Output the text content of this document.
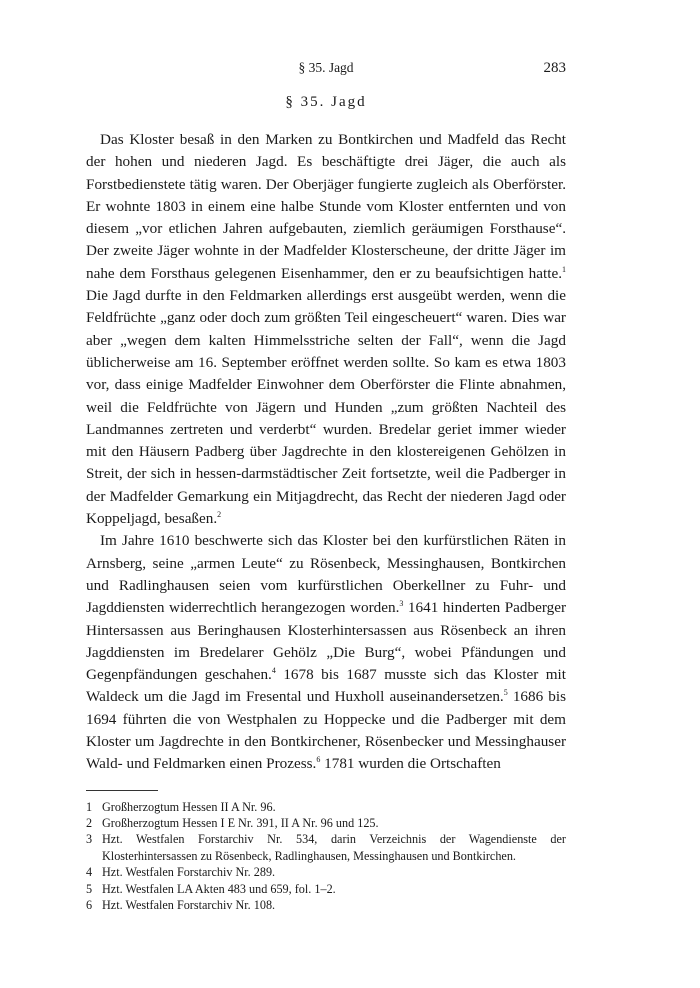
§ 35. Jagd	283
§ 35. Jagd

Das Kloster besaß in den Marken zu Bontkirchen und Madfeld das Recht der hohen und niederen Jagd. Es beschäftigte drei Jäger, die auch als Forstbedienstete tätig waren. Der Oberjäger fungierte zugleich als Oberförster. Er wohnte 1803 in einem eine halbe Stunde vom Kloster entfernten und von diesem „vor etlichen Jahren aufgebauten, ziemlich geräumigen Forsthause“. Der zweite Jäger wohnte in der Madfelder Klosterscheune, der dritte Jäger im nahe dem Forsthaus gelegenen Eisenhammer, den er zu beaufsichtigen hatte.$^1$ Die Jagd durfte in den Feldmarken allerdings erst ausgeübt werden, wenn die Feldfrüchte „ganz oder doch zum größten Teil eingescheuert“ waren. Dies war aber „wegen dem kalten Himmelsstriche selten der Fall“, wenn die Jagd üblicherweise am 16. September eröffnet werden sollte. So kam es etwa 1803 vor, dass einige Madfelder Einwohner dem Oberförster die Flinte abnahmen, weil die Feldfrüchte von Jägern und Hunden „zum größten Nachteil des Landmannes zertreten und verderbt“ wurden. Bredelar geriet immer wieder mit den Häusern Padberg über Jagdrechte in den klostereigenen Gehölzen in Streit, der sich in hessen-darmstädtischer Zeit fortsetzte, weil die Padberger in der Madfelder Gemarkung ein Mitjagdrecht, das Recht der niederen Jagd oder Koppeljagd, besaßen.$^2$

Im Jahre 1610 beschwerte sich das Kloster bei den kurfürstlichen Räten in Arnsberg, seine „armen Leute“ zu Rösenbeck, Messinghausen, Bontkirchen und Radlinghausen seien vom kurfürstlichen Oberkellner zu Fuhr- und Jagddiensten widerrechtlich herangezogen worden.$^3$ 1641 hinderten Padberger Hintersassen aus Beringhausen Klosterhintersassen aus Rösenbeck an ihren Jagddiensten im Bredelarer Gehölz „Die Burg“, wobei Pfändungen und Gegenpfändungen geschahen.$^4$ 1678 bis 1687 musste sich das Kloster mit Waldeck um die Jagd im Fresental und Huxholl auseinandersetzen.$^5$ 1686 bis 1694 führten die von Westphalen zu Hoppecke und die Padberger mit dem Kloster um Jagdrechte in den Bontkirchener, Rösenbecker und Messinghauser Wald- und Feldmarken einen Prozess.$^6$ 1781 wurden die Ortschaften

1 Großherzogtum Hessen II A Nr. 96.
2 Großherzogtum Hessen I E Nr. 391, II A Nr. 96 und 125.
3 Hzt. Westfalen Forstarchiv Nr. 534, darin Verzeichnis der Wagendienste der Klosterhintersassen zu Rösenbeck, Radlinghausen, Messinghausen und Bontkirchen.
4 Hzt. Westfalen Forstarchiv Nr. 289.
5 Hzt. Westfalen LA Akten 483 und 659, fol. 1–2.
6 Hzt. Westfalen Forstarchiv Nr. 108.
